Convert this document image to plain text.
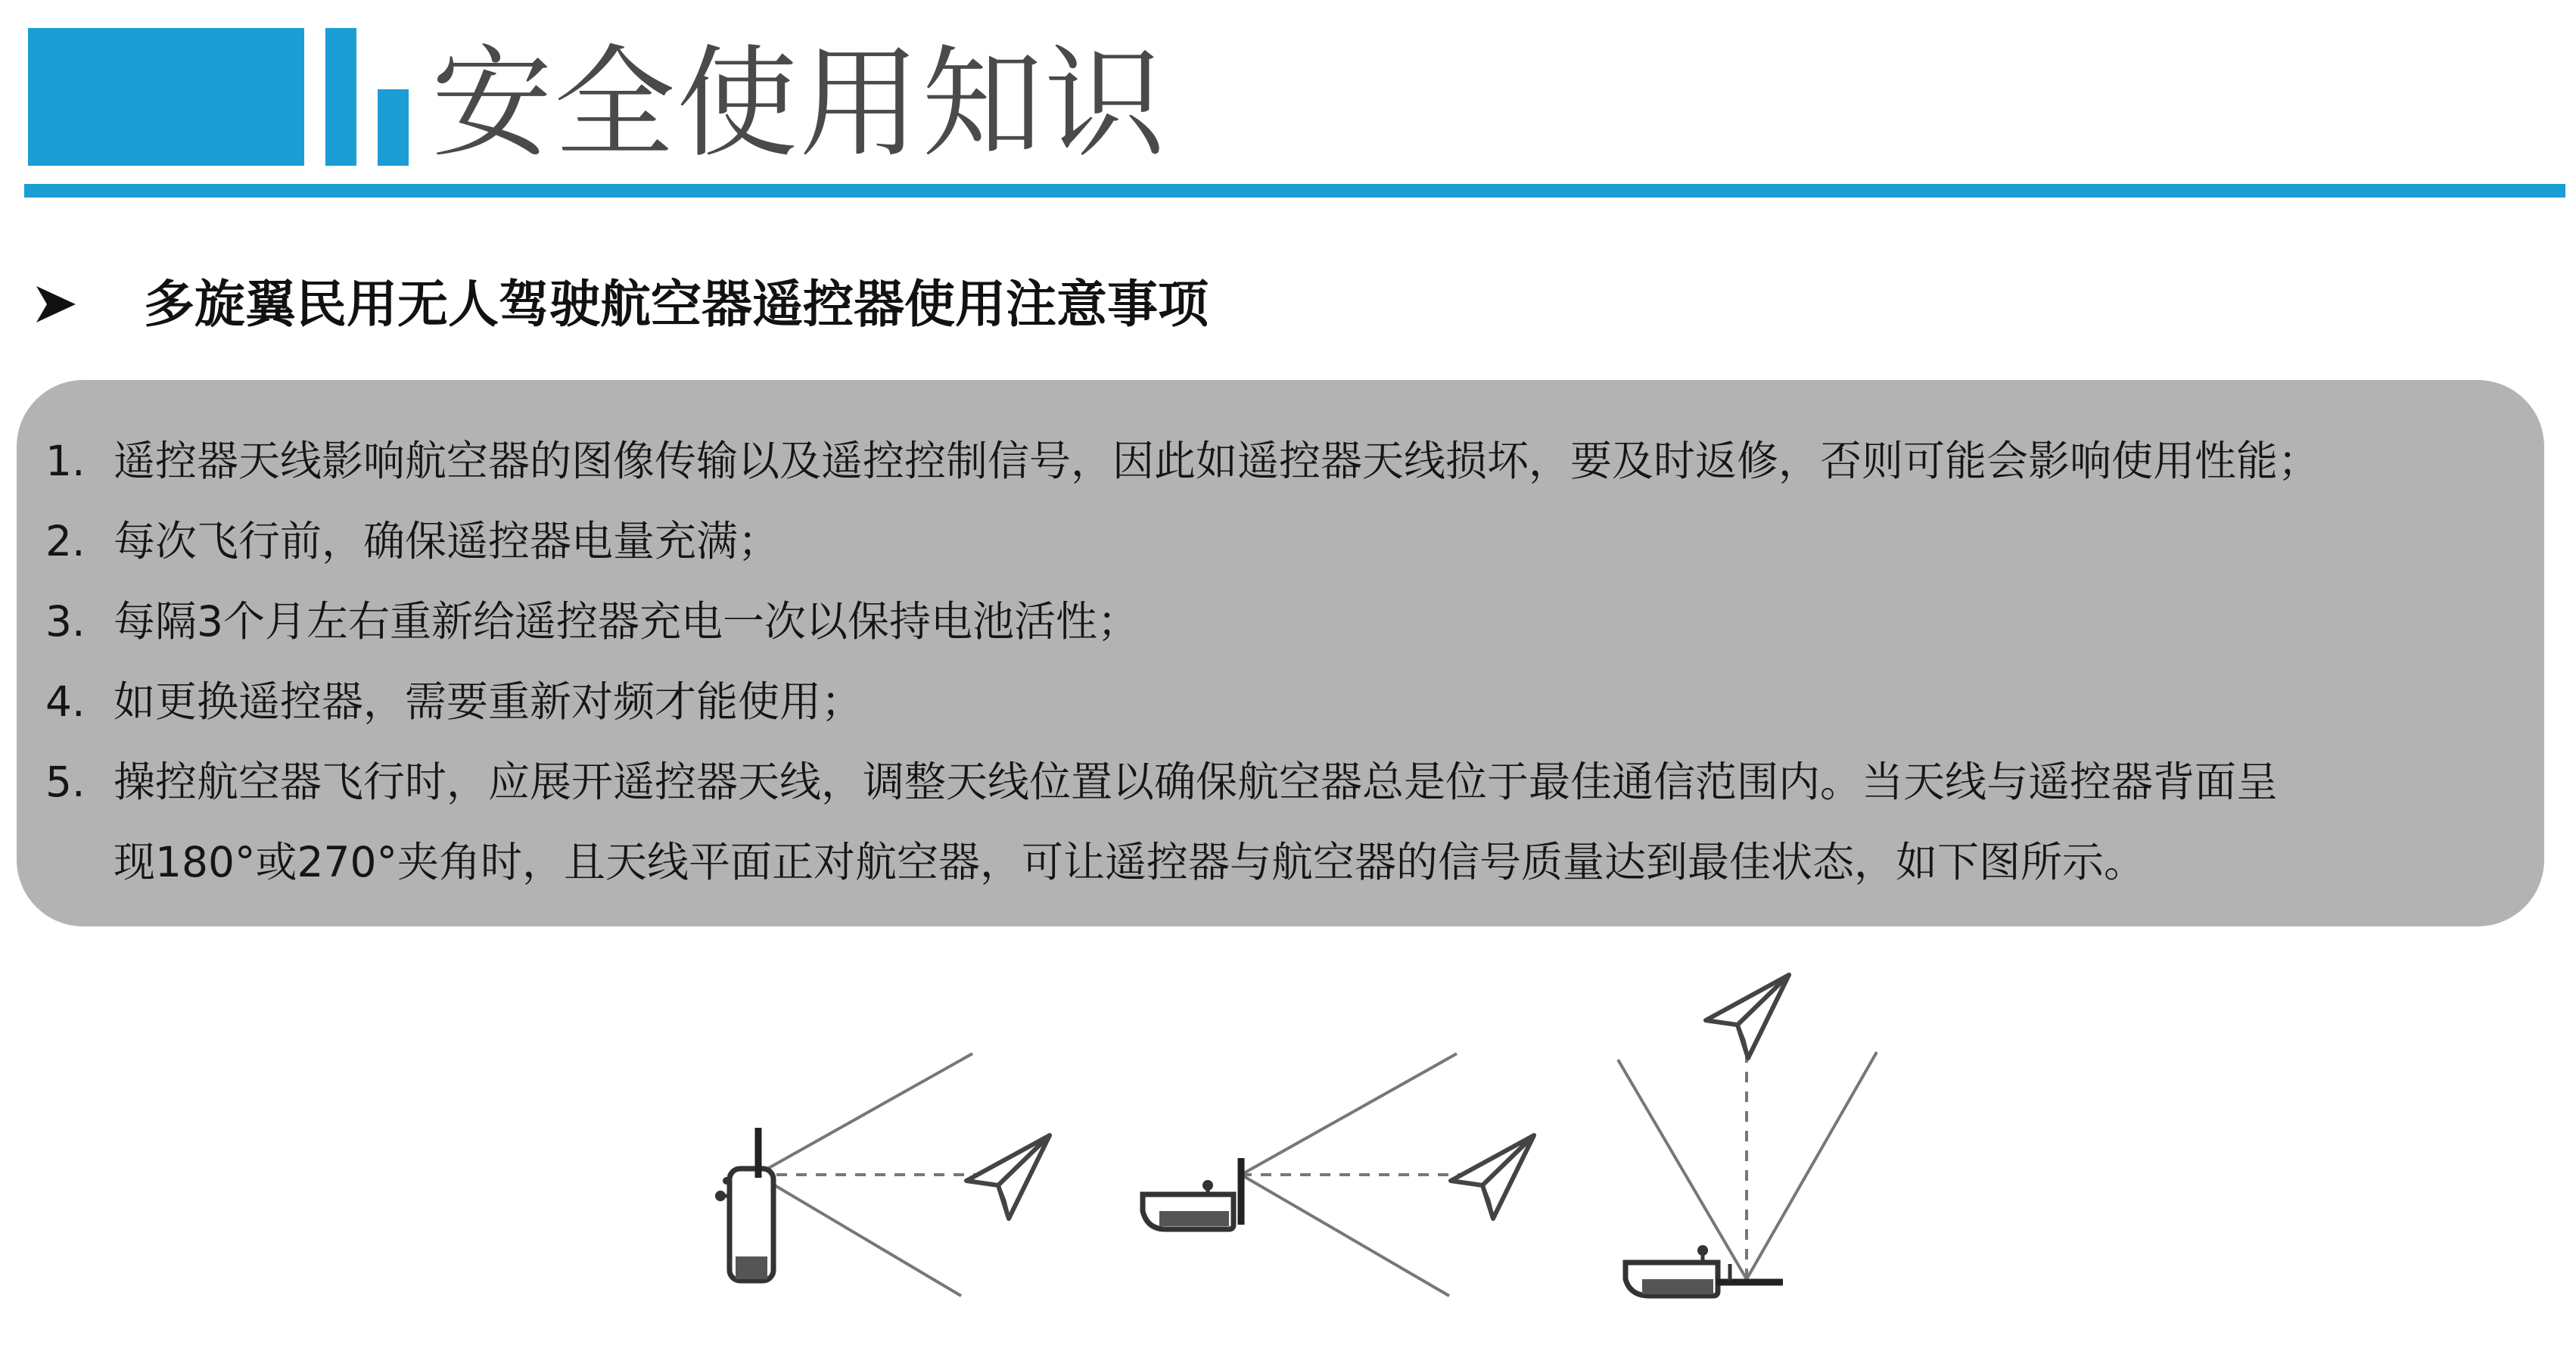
安全使用知识
多旋翼民用无人驾驶航空器遥控器使用注意事项
1. 遥控器天线影响航空器的图像传输以及遥控控制信号，因此如遥控器天线损坏，要及时返修，否则可能会影响使用性能；
2. 每次飞行前，确保遥控器电量充满；
3. 每隔3个月左右重新给遥控器充电一次以保持电池活性；
4. 如更换遥控器，需要重新对频才能使用；
5. 操控航空器飞行时，应展开遥控器天线，调整天线位置以确保航空器总是位于最佳通信范围内。当天线与遥控器背面呈
现180°或270°夹角时，且天线平面正对航空器，可让遥控器与航空器的信号质量达到最佳状态，如下图所示。
